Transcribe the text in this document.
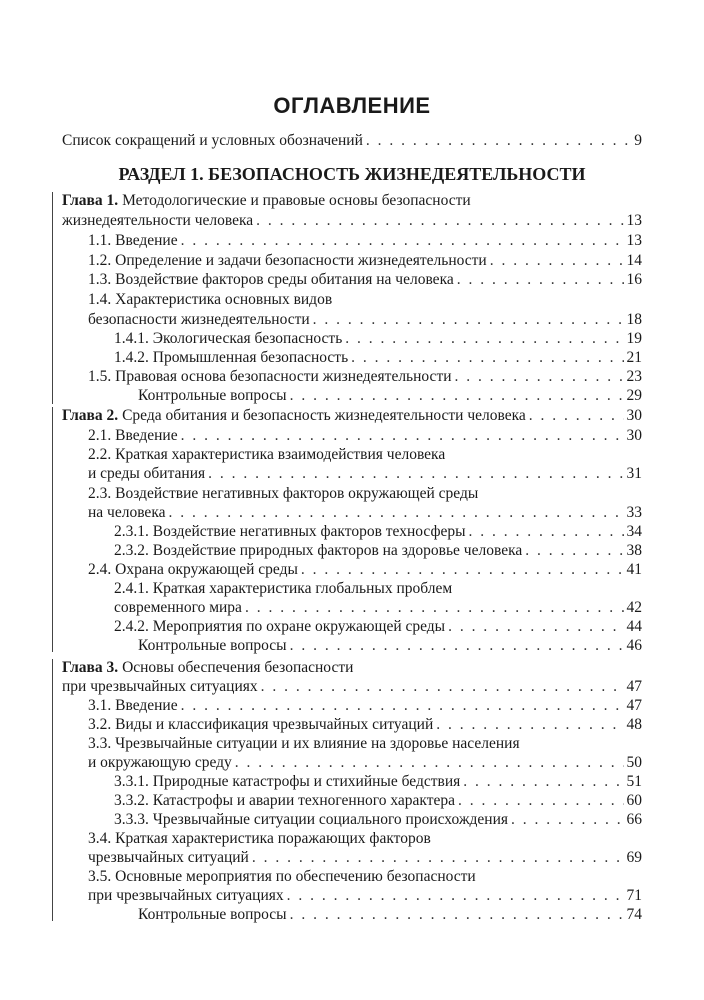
ОГЛАВЛЕНИЕ
Список сокращений и условных обозначений . . .	9
РАЗДЕЛ 1. БЕЗОПАСНОСТЬ ЖИЗНЕДЕЯТЕЛЬНОСТИ
Глава 1. Методологические и правовые основы безопасности
жизнедеятельности человека . . .	13
1.1. Введение . . .	13
1.2. Определение и задачи безопасности жизнедеятельности . . .	14
1.3. Воздействие факторов среды обитания на человека . . .	16
1.4. Характеристика основных видов
безопасности жизнедеятельности . . .	18
1.4.1. Экологическая безопасность . . .	19
1.4.2. Промышленная безопасность . . .	21
1.5. Правовая основа безопасности жизнедеятельности . . .	23
Контрольные вопросы . . .	29
Глава 2. Среда обитания и безопасность жизнедеятельности человека . . .	30
2.1. Введение . . .	30
2.2. Краткая характеристика взаимодействия человека
и среды обитания . . .	31
2.3. Воздействие негативных факторов окружающей среды
на человека . . .	33
2.3.1. Воздействие негативных факторов техносферы . . .	34
2.3.2. Воздействие природных факторов на здоровье человека . . .	38
2.4. Охрана окружающей среды . . .	41
2.4.1. Краткая характеристика глобальных проблем
современного мира . . .	42
2.4.2. Мероприятия по охране окружающей среды . . .	44
Контрольные вопросы . . .	46
Глава 3. Основы обеспечения безопасности
при чрезвычайных ситуациях . . .	47
3.1. Введение . . .	47
3.2. Виды и классификация чрезвычайных ситуаций . . .	48
3.3. Чрезвычайные ситуации и их влияние на здоровье населения
и окружающую среду . . .	50
3.3.1. Природные катастрофы и стихийные бедствия . . .	51
3.3.2. Катастрофы и аварии техногенного характера . . .	60
3.3.3. Чрезвычайные ситуации социального происхождения . . .	66
3.4. Краткая характеристика поражающих факторов
чрезвычайных ситуаций . . .	69
3.5. Основные мероприятия по обеспечению безопасности
при чрезвычайных ситуациях . . .	71
Контрольные вопросы . . .	74
